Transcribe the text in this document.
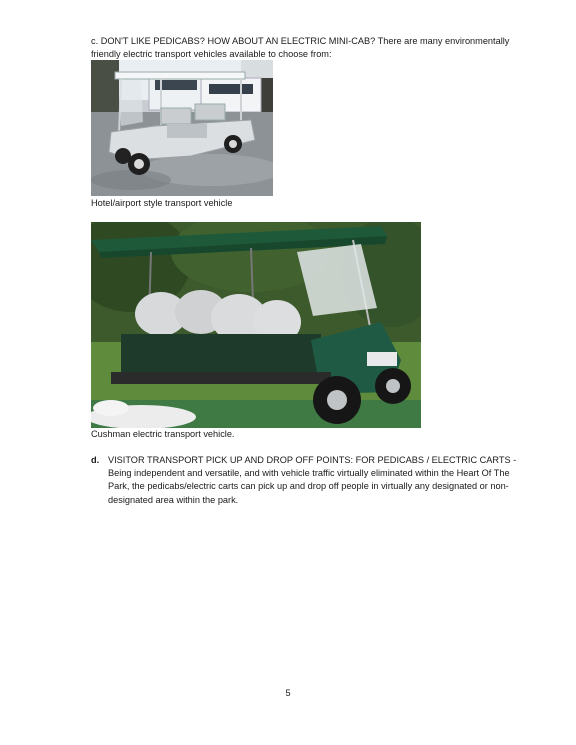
c. DON'T LIKE PEDICABS? HOW ABOUT AN ELECTRIC MINI-CAB? There are many environmentally friendly electric transport vehicles available to choose from:
Hotel/airport style transport vehicle
Cushman electric transport vehicle.
d. VISITOR TRANSPORT PICK UP AND DROP OFF POINTS: FOR PEDICABS / ELECTRIC CARTS - Being independent and versatile, and with vehicle traffic virtually eliminated within the Heart Of The Park, the pedicabs/electric carts can pick up and drop off people in virtually any designated or non-designated area within the park.
5
